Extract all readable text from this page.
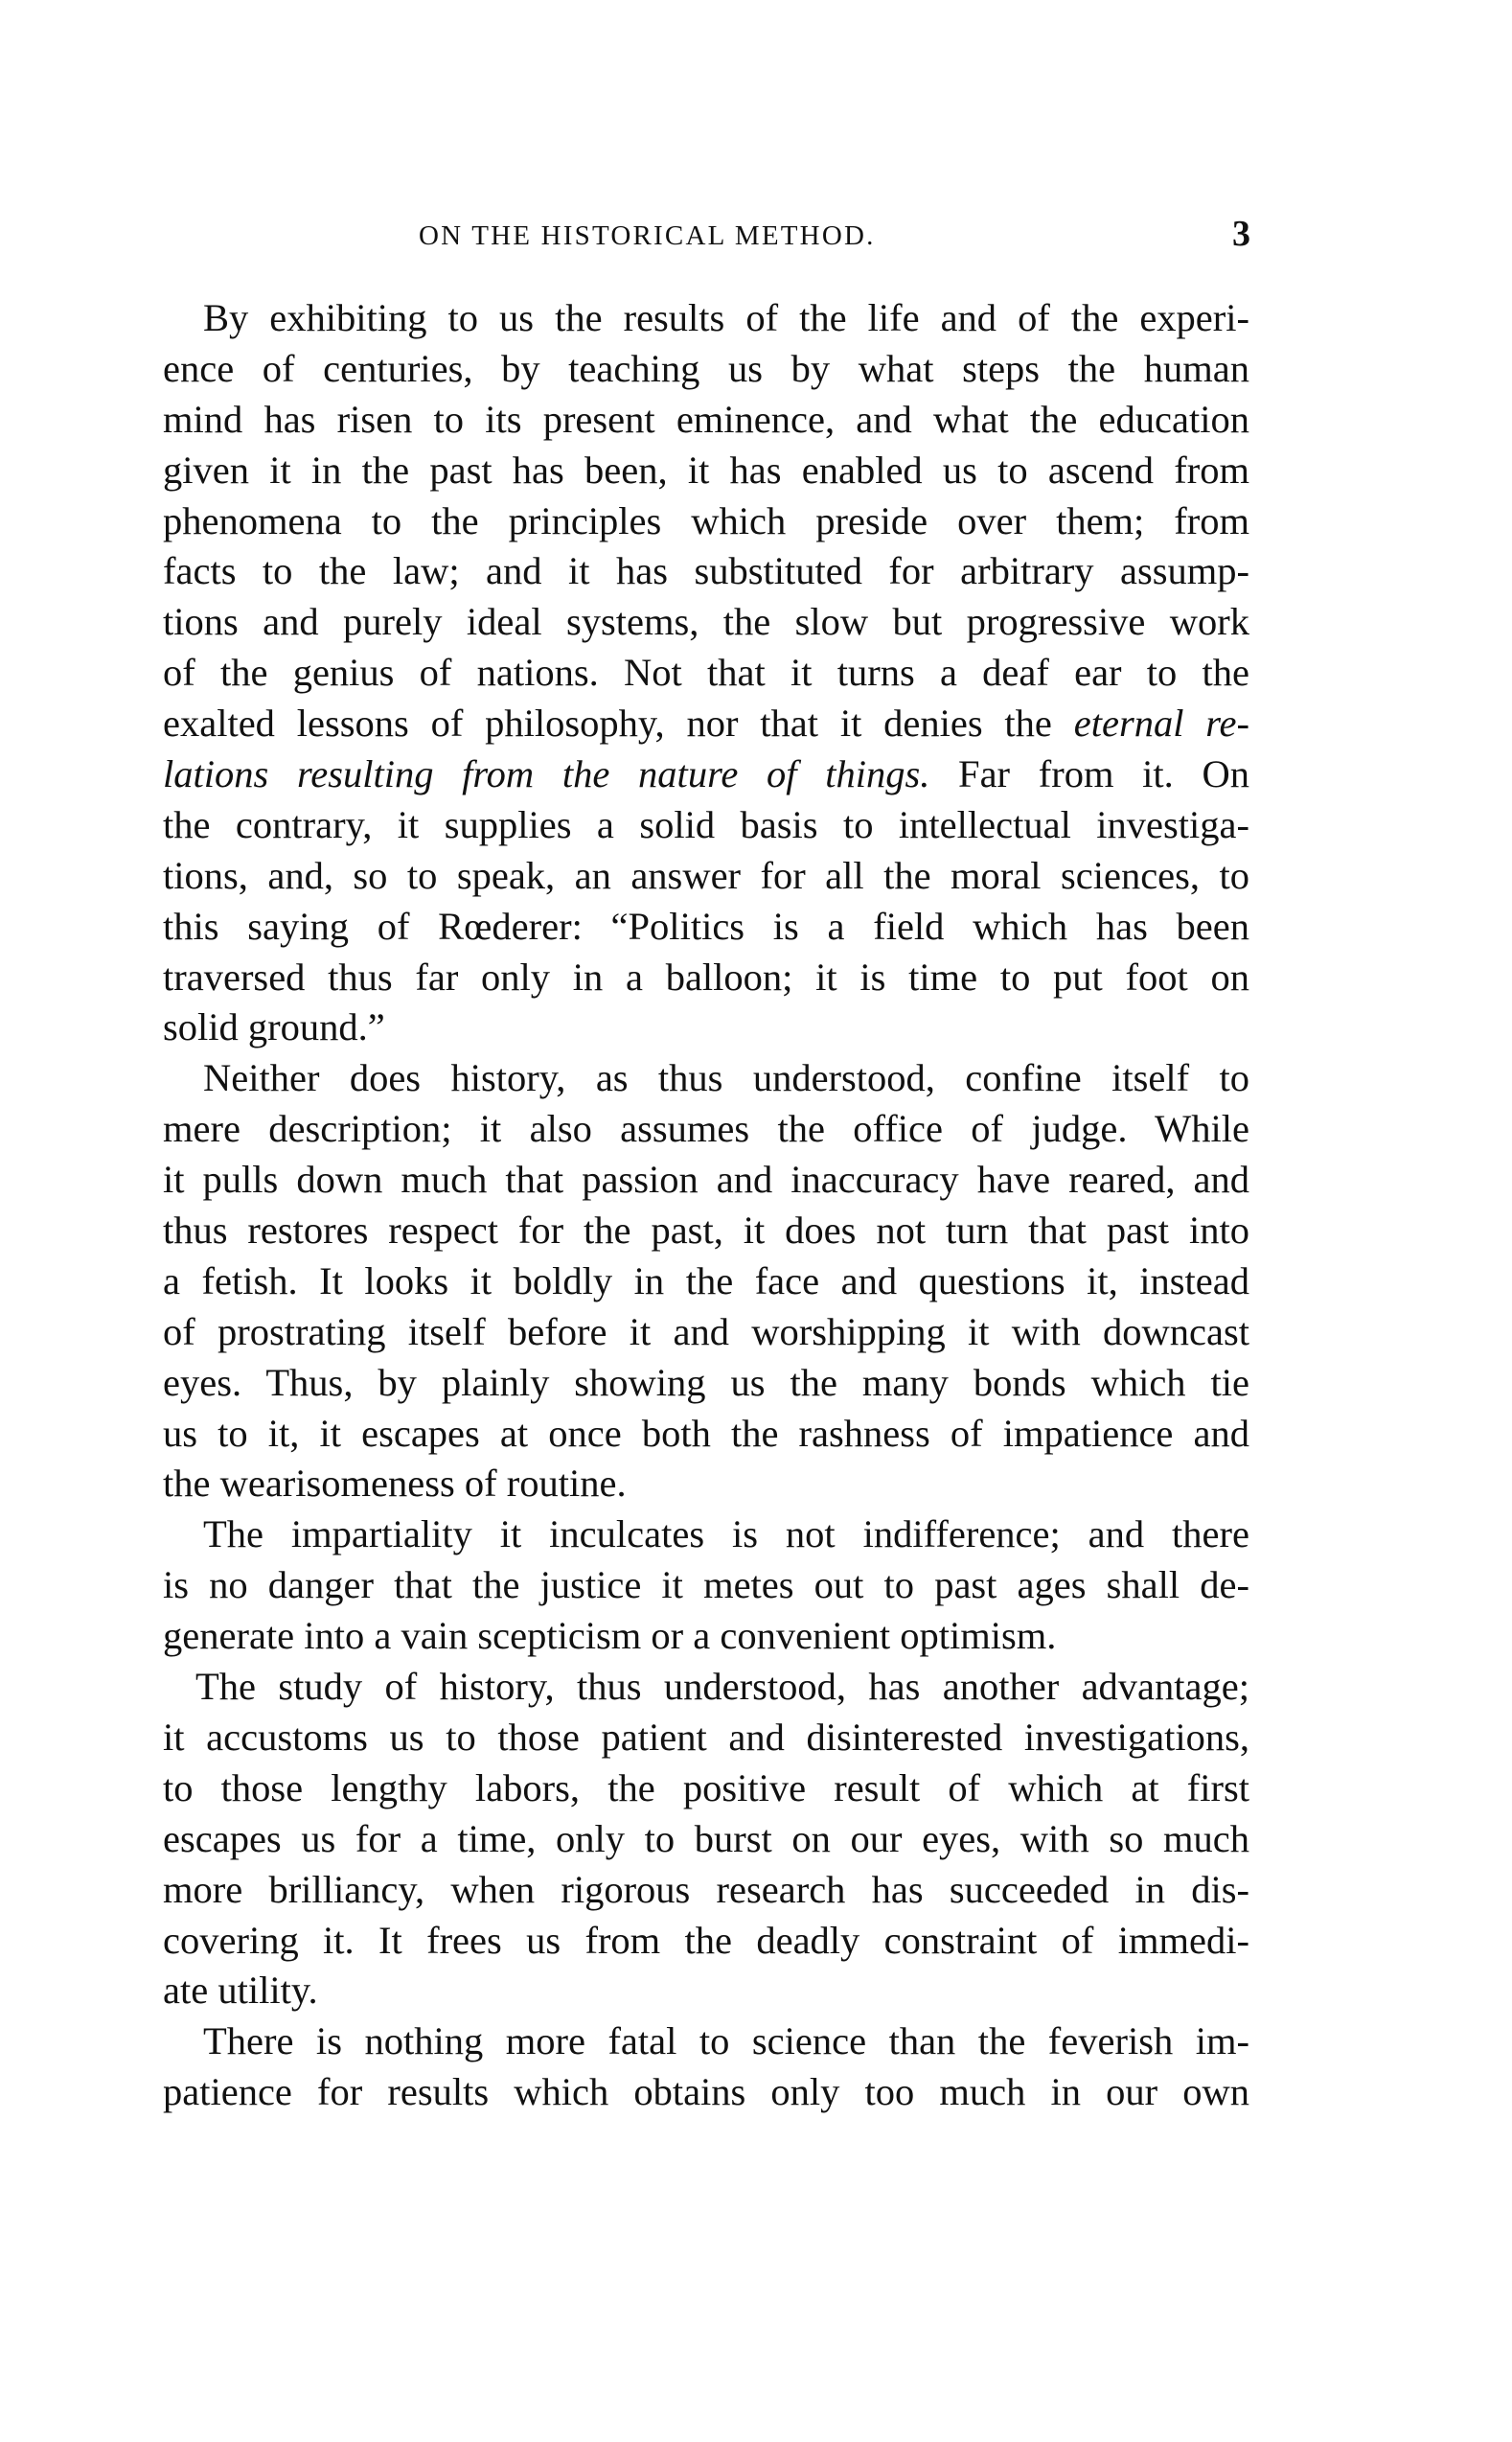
ON THE HISTORICAL METHOD.	3
By exhibiting to us the results of the life and of the experi-
ence of centuries, by teaching us by what steps the human
mind has risen to its present eminence, and what the education
given it in the past has been, it has enabled us to ascend from
phenomena to the principles which preside over them; from
facts to the law; and it has substituted for arbitrary assump-
tions and purely ideal systems, the slow but progressive work
of the genius of nations. Not that it turns a deaf ear to the
exalted lessons of philosophy, nor that it denies the eternal re-
lations resulting from the nature of things. Far from it. On
the contrary, it supplies a solid basis to intellectual investiga-
tions, and, so to speak, an answer for all the moral sciences, to
this saying of Rœderer: “Politics is a field which has been
traversed thus far only in a balloon; it is time to put foot on
solid ground.”
Neither does history, as thus understood, confine itself to
mere description; it also assumes the office of judge. While
it pulls down much that passion and inaccuracy have reared, and
thus restores respect for the past, it does not turn that past into
a fetish. It looks it boldly in the face and questions it, instead
of prostrating itself before it and worshipping it with downcast
eyes. Thus, by plainly showing us the many bonds which tie
us to it, it escapes at once both the rashness of impatience and
the wearisomeness of routine.
The impartiality it inculcates is not indifference; and there
is no danger that the justice it metes out to past ages shall de-
generate into a vain scepticism or a convenient optimism.
The study of history, thus understood, has another advantage;
it accustoms us to those patient and disinterested investigations,
to those lengthy labors, the positive result of which at first
escapes us for a time, only to burst on our eyes, with so much
more brilliancy, when rigorous research has succeeded in dis-
covering it. It frees us from the deadly constraint of immedi-
ate utility.
There is nothing more fatal to science than the feverish im-
patience for results which obtains only too much in our own
